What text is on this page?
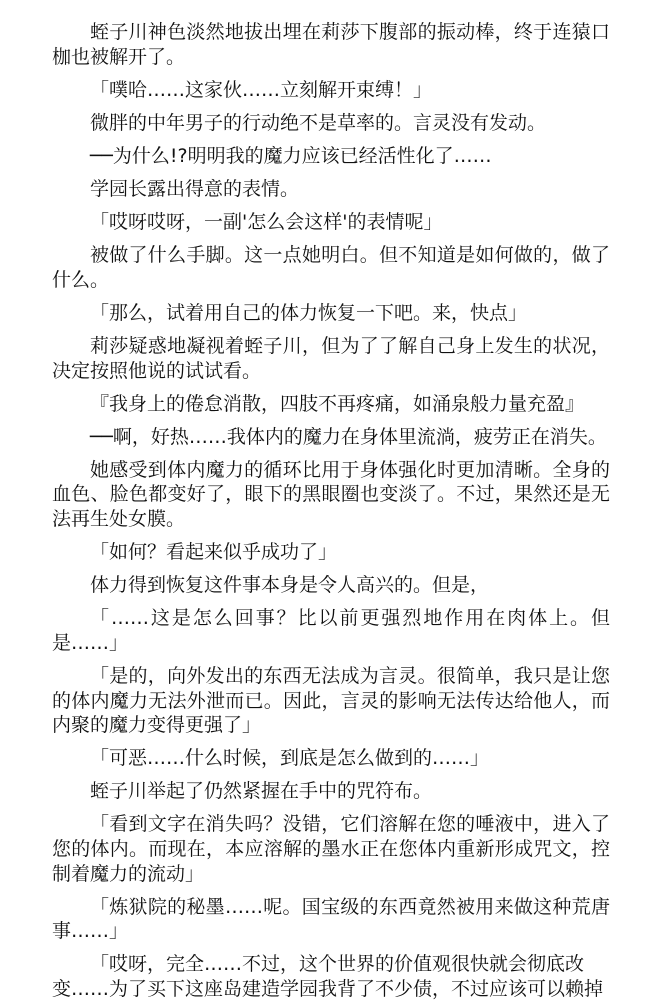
蛭子川神色淡然地拔出埋在莉莎下腹部的振动棒，终于连猿口枷也被解开了。

「噗哈……这家伙……立刻解开束缚！」

微胖的中年男子的行动绝不是草率的。言灵没有发动。

──为什么!?明明我的魔力应该已经活性化了……

学园长露出得意的表情。

「哎呀哎呀，一副'怎么会这样'的表情呢」

被做了什么手脚。这一点她明白。但不知道是如何做的，做了什么。

「那么，试着用自己的体力恢复一下吧。来，快点」

莉莎疑惑地凝视着蛭子川，但为了了解自己身上发生的状况，决定按照他说的试试看。

『我身上的倦怠消散，四肢不再疼痛，如涌泉般力量充盈』

──啊，好热……我体内的魔力在身体里流淌，疲劳正在消失。

她感受到体内魔力的循环比用于身体强化时更加清晰。全身的血色、脸色都变好了，眼下的黑眼圈也变淡了。不过，果然还是无法再生处女膜。

「如何？看起来似乎成功了」

体力得到恢复这件事本身是令人高兴的。但是，

「……这是怎么回事？比以前更强烈地作用在肉体上。但是……」

「是的，向外发出的东西无法成为言灵。很简单，我只是让您的体内魔力无法外泄而已。因此，言灵的影响无法传达给他人，而内聚的魔力变得更强了」

「可恶……什么时候，到底是怎么做到的……」

蛭子川举起了仍然紧握在手中的咒符布。

「看到文字在消失吗？没错，它们溶解在您的唾液中，进入了您的体内。而现在，本应溶解的墨水正在您体内重新形成咒文，控制着魔力的流动」

「炼狱院的秘墨……呢。国宝级的东西竟然被用来做这种荒唐事……」

「哎呀，完全……不过，这个世界的价值观很快就会彻底改变……为了买下这座岛建造学园我背了不少债，不过应该可以赖掉
